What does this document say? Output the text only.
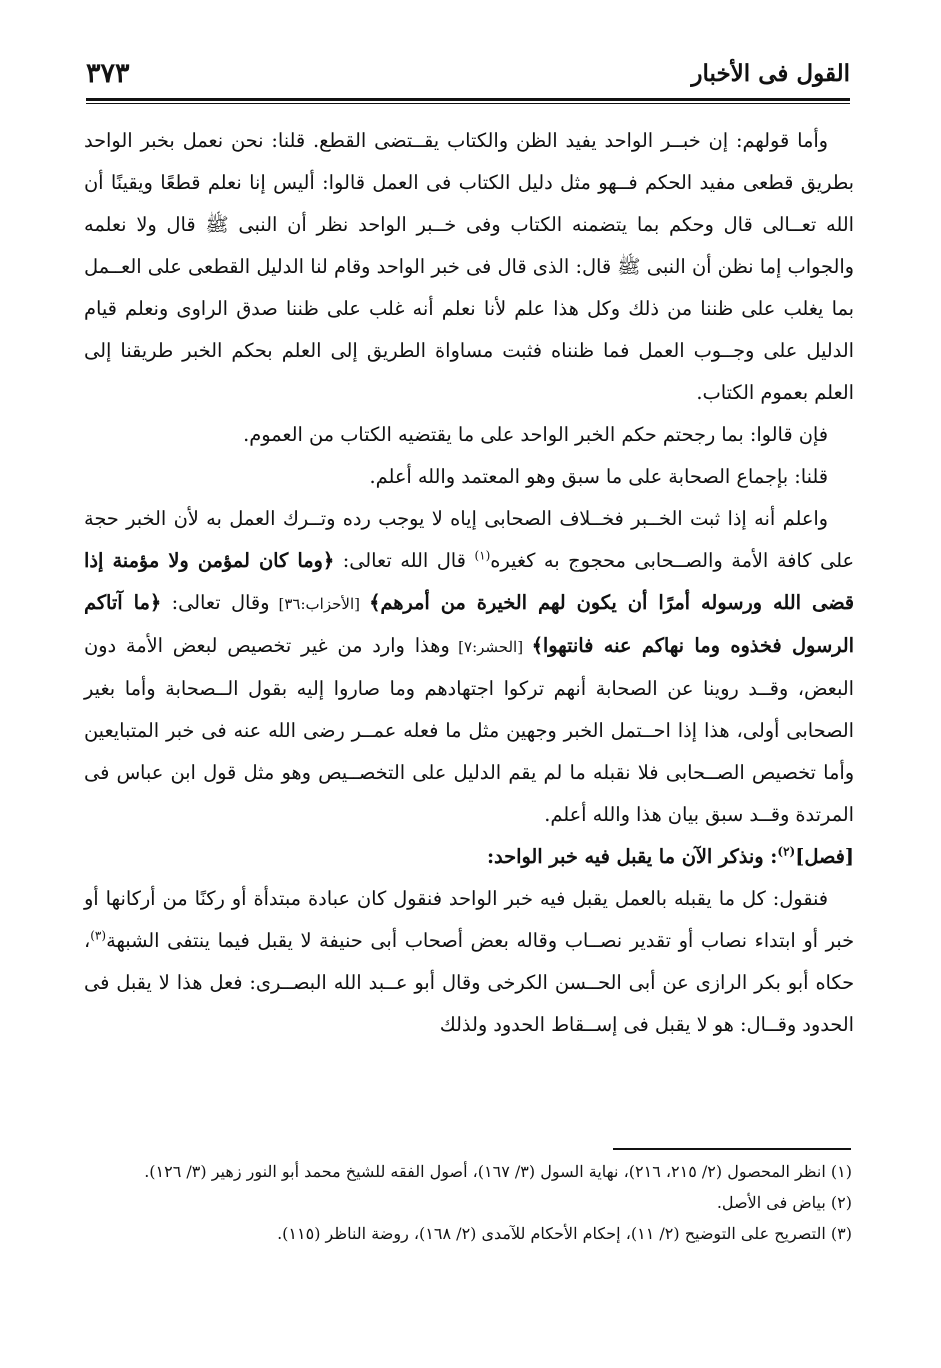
القول فى الأخبار
٣٧٣

وأما قولهم: إن خبــر الواحد يفيد الظن والكتاب يقــتضى القطع. قلنا: نحن نعمل بخبر الواحد بطريق قطعى مفيد الحكم فــهو مثل دليل الكتاب فى العمل قالوا: أليس إنا نعلم قطعًا ويقينًا أن الله تعــالى قال وحكم بما يتضمنه الكتاب وفى خــبر الواحد نظر أن النبى ﷺ قال ولا نعلمه والجواب إما نظن أن النبى ﷺ قال: الذى قال فى خبر الواحد وقام لنا الدليل القطعى على العــمل بما يغلب على ظننا من ذلك وكل هذا علم لأنا نعلم أنه غلب على ظننا صدق الراوى ونعلم قيام الدليل على وجــوب العمل فما ظنناه فثبت مساواة الطريق إلى العلم بحكم الخبر طريقنا إلى العلم بعموم الكتاب.

فإن قالوا: بما رجحتم حكم الخبر الواحد على ما يقتضيه الكتاب من العموم.

قلنا: بإجماع الصحابة على ما سبق وهو المعتمد والله أعلم.

واعلم أنه إذا ثبت الخــبر فخــلاف الصحابى إياه لا يوجب رده وتــرك العمل به لأن الخبر حجة على كافة الأمة والصــحابى محجوج به كغيره$^{(١)}$ قال الله تعالى: ﴿وما كان لمؤمن ولا مؤمنة إذا قضى الله ورسوله أمرًا أن يكون لهم الخيرة من أمرهم﴾ [الأحزاب:٣٦] وقال تعالى: ﴿ما آتاكم الرسول فخذوه وما نهاكم عنه فانتهوا﴾ [الحشر:٧] وهذا وارد من غير تخصيص لبعض الأمة دون البعض، وقــد روينا عن الصحابة أنهم تركوا اجتهادهم وما صاروا إليه بقول الــصحابة وأما بغير الصحابى أولى، هذا إذا احــتمل الخبر وجهين مثل ما فعله عمــر رضى الله عنه فى خبر المتبايعين وأما تخصيص الصــحابى فلا نقبله ما لم يقم الدليل على التخصــيص وهو مثل قول ابن عباس فى المرتدة وقــد سبق بيان هذا والله أعلم.

[فصل]$^{(٢)}$: ونذكر الآن ما يقبل فيه خبر الواحد:

فنقول: كل ما يقبله بالعمل يقبل فيه خبر الواحد فنقول كان عبادة مبتدأة أو ركنًا من أركانها أو خبر أو ابتداء نصاب أو تقدير نصــاب وقاله بعض أصحاب أبى حنيفة لا يقبل فيما ينتفى الشبهة$^{(٣)}$، حكاه أبو بكر الرازى عن أبى الحــسن الكرخى وقال أبو عــبد الله البصــرى: فعل هذا لا يقبل فى الحدود وقــال: هو لا يقبل فى إســقاط الحدود ولذلك

(١) انظر المحصول (٢/ ٢١٥، ٢١٦)، نهاية السول (٣/ ١٦٧)، أصول الفقه للشيخ محمد أبو النور زهير (٣/ ١٢٦).

(٢) بياض فى الأصل.

(٣) التصريح على التوضيح (٢/ ١١)، إحكام الأحكام للآمدى (٢/ ١٦٨)، روضة الناظر (١١٥).
